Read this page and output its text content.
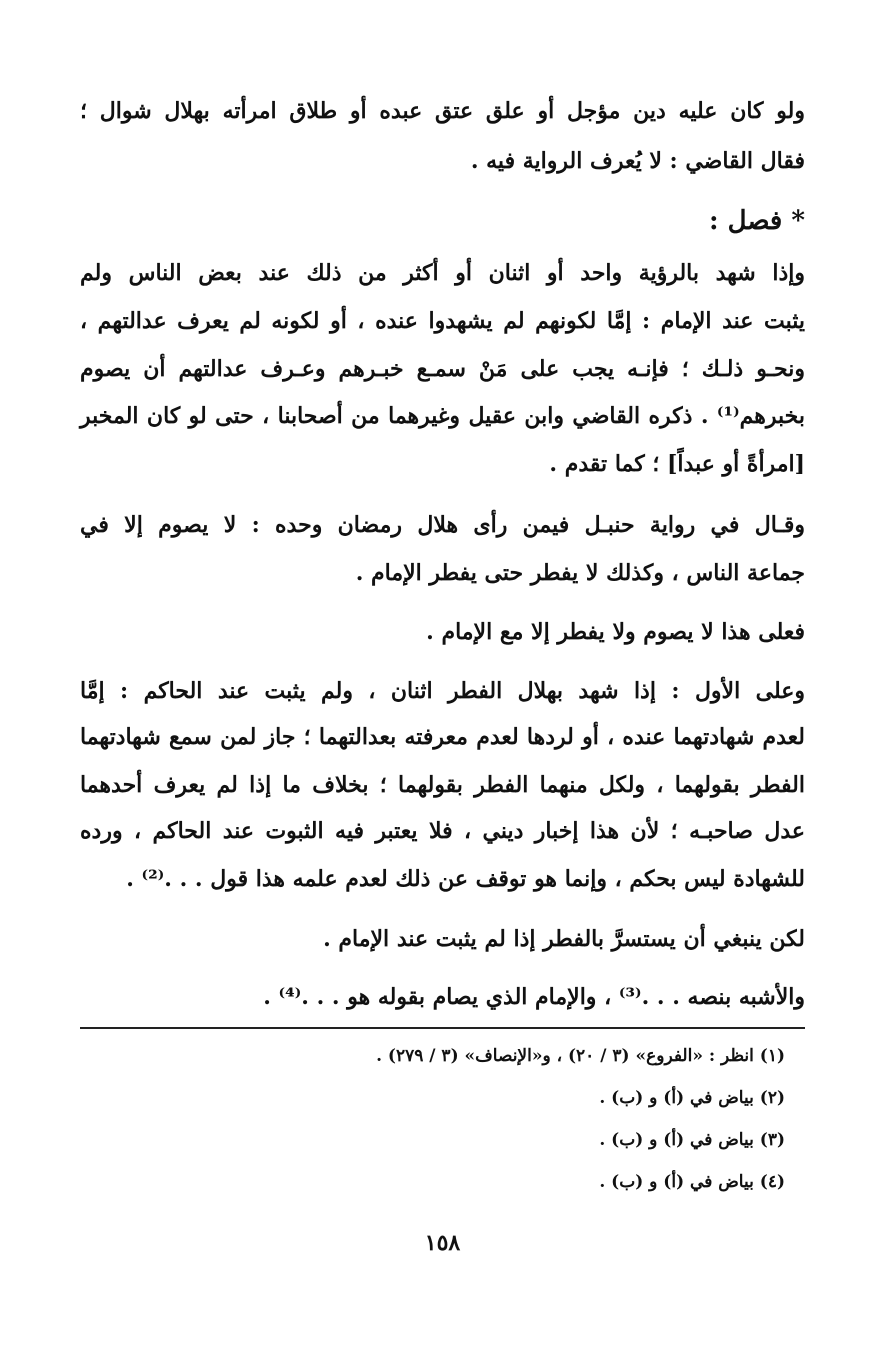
ولو كان عليه دين مؤجل أو علق عتق عبده أو طلاق امرأته بهلال شوال ؛
فقال القاضي : لا يُعرف الرواية فيه .
* فصل :
وإذا شهد بالرؤية واحد أو اثنان أو أكثر من ذلك عند بعض الناس ولم
يثبت عند الإمام : إمَّا لكونهم لم يشهدوا عنده ، أو لكونه لم يعرف عدالتهم ،
ونحـو ذلـك ؛ فإنـه يجب على مَنْ سمـع خبـرهم وعـرف عدالتهم أن يصوم
بخبرهم⁽¹⁾ . ذكره القاضي وابن عقيل وغيرهما من أصحابنا ، حتى لو كان المخبر
[امرأةً أو عبداً] ؛ كما تقدم .
وقـال في رواية حنبـل فيمن رأى هلال رمضان وحده : لا يصوم إلا في
جماعة الناس ، وكذلك لا يفطر حتى يفطر الإمام .
فعلى هذا لا يصوم ولا يفطر إلا مع الإمام .
وعلى الأول : إذا شهد بهلال الفطر اثنان ، ولم يثبت عند الحاكم : إمَّا
لعدم شهادتهما عنده ، أو لردها لعدم معرفته بعدالتهما ؛ جاز لمن سمع شهادتهما
الفطر بقولهما ، ولكل منهما الفطر بقولهما ؛ بخلاف ما إذا لم يعرف أحدهما
عدل صاحبـه ؛ لأن هذا إخبار ديني ، فلا يعتبر فيه الثبوت عند الحاكم ، ورده
للشهادة ليس بحكم ، وإنما هو توقف عن ذلك لعدم علمه هذا قول . . .⁽²⁾ .
لكن ينبغي أن يستسرَّ بالفطر إذا لم يثبت عند الإمام .
والأشبه بنصه . . .⁽³⁾ ، والإمام الذي يصام بقوله هو . . .⁽⁴⁾ .
(١) انظر : «الفروع» (٣ / ٢٠) ، و«الإنصاف» (٣ / ٢٧٩) .
(٢) بياض في (أ) و (ب) .
(٣) بياض في (أ) و (ب) .
(٤) بياض في (أ) و (ب) .
١٥٨
